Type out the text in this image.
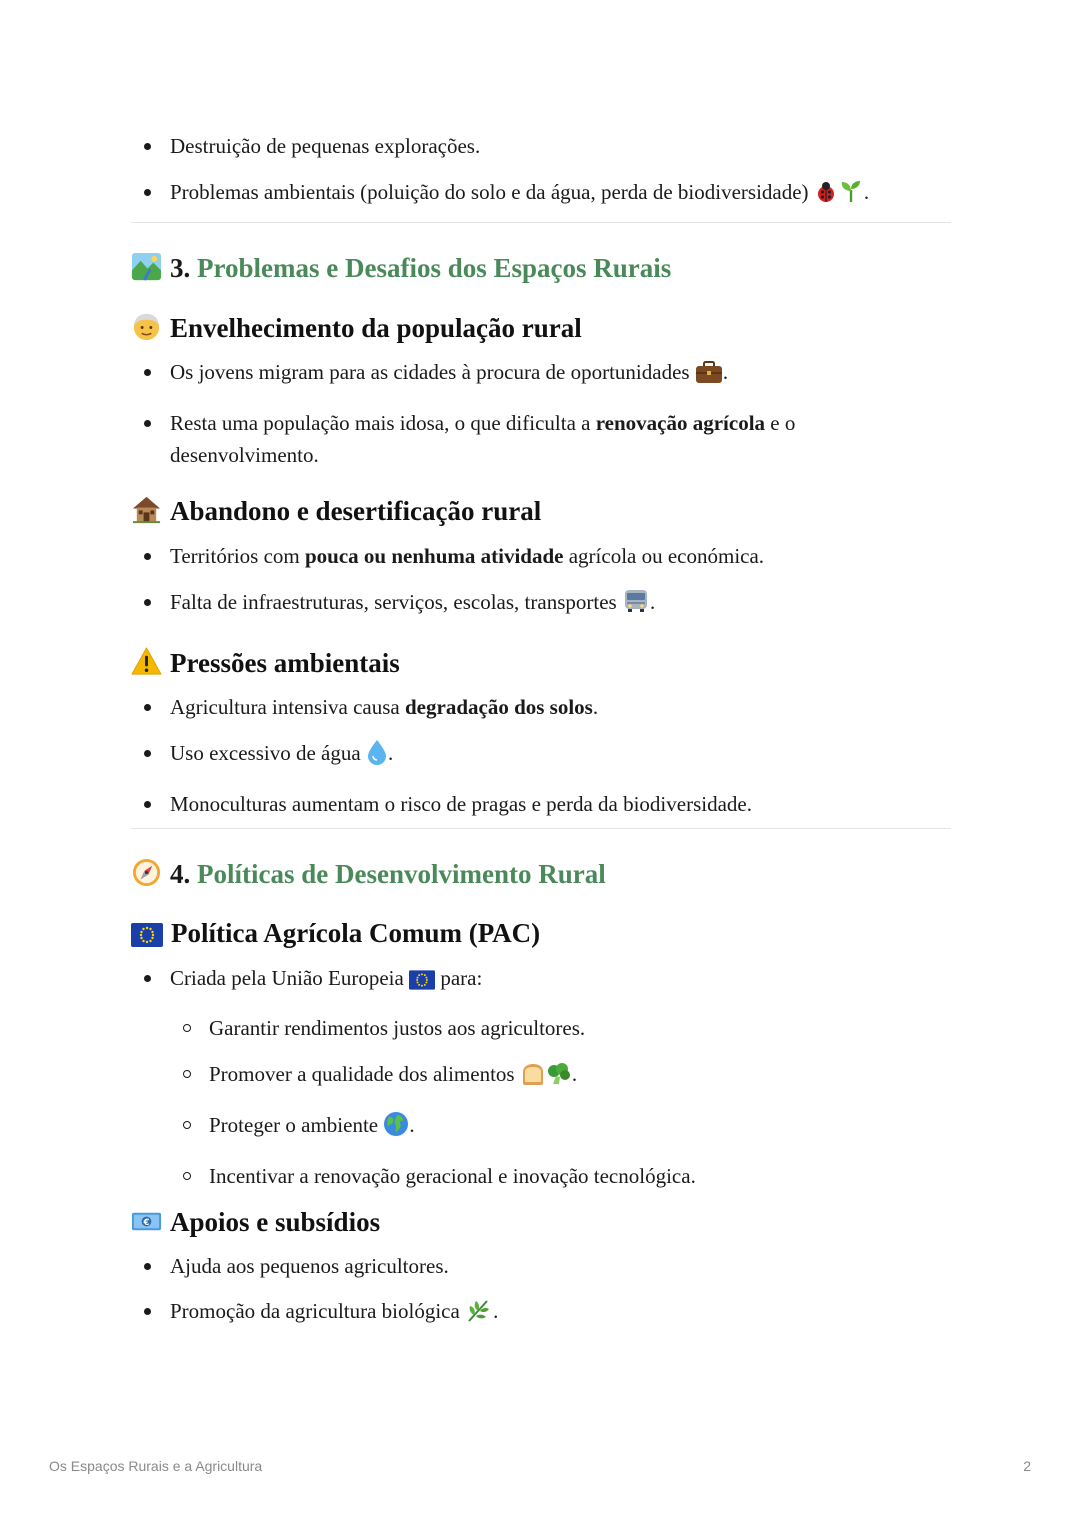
Destruição de pequenas explorações.
Problemas ambientais (poluição do solo e da água, perda de biodiversidade)	.
3. Problemas e Desafios dos Espaços Rurais
Envelhecimento da população rural
Os jovens migram para as cidades à procura de oportunidades .
Resta uma população mais idosa, o que dificulta a renovação agrícola e o desenvolvimento.
Abandono e desertificação rural
Territórios com pouca ou nenhuma atividade agrícola ou económica.
Falta de infraestruturas, serviços, escolas, transportes .
Pressões ambientais
Agricultura intensiva causa degradação dos solos.
Uso excessivo de água .
Monoculturas aumentam o risco de pragas e perda da biodiversidade.
4. Políticas de Desenvolvimento Rural
Política Agrícola Comum (PAC)
Criada pela União Europeia para:
Garantir rendimentos justos aos agricultores.
Promover a qualidade dos alimentos	.
Proteger o ambiente .
Incentivar a renovação geracional e inovação tecnológica.
€ Apoios e subsídios
Ajuda aos pequenos agricultores.
Promoção da agricultura biológica .
Os Espaços Rurais e a Agricultura	2
